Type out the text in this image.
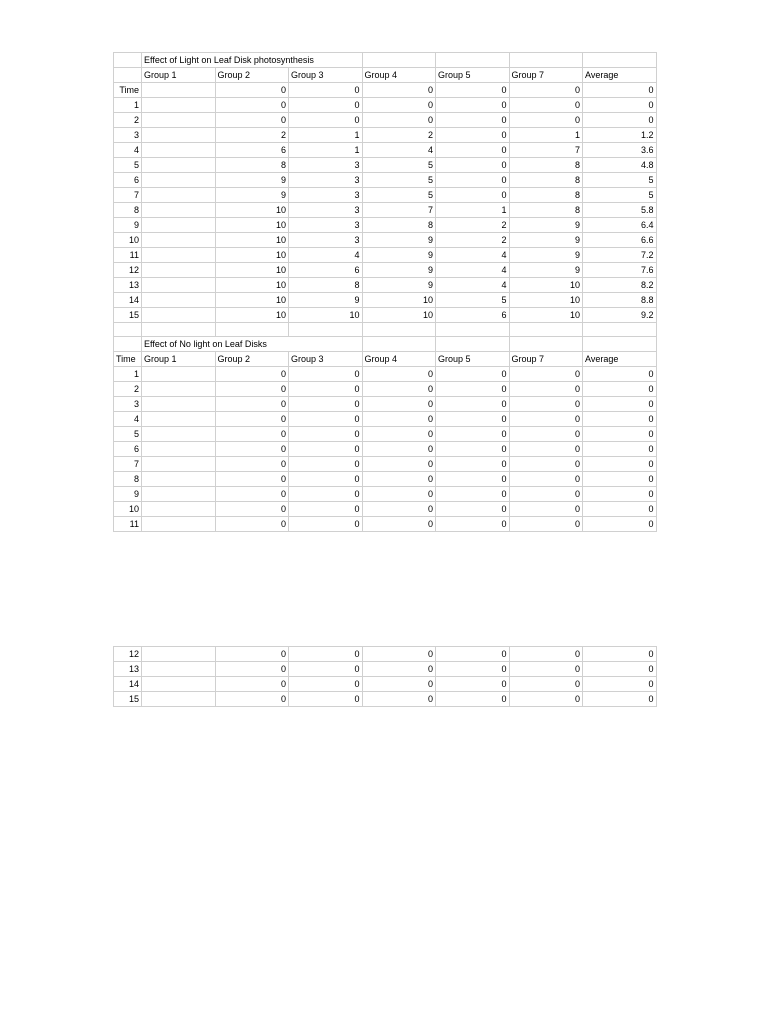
	Effect of Light on Leaf Disk photosynthesis						
	Group 1	Group 2	Group 3	Group 4	Group 5	Group 7	Average
Time		0	0	0	0	0	0
1		0	0	0	0	0	0
2		0	0	0	0	0	0
3		2	1	2	0	1	1.2
4		6	1	4	0	7	3.6
5		8	3	5	0	8	4.8
6		9	3	5	0	8	5
7		9	3	5	0	8	5
8		10	3	7	1	8	5.8
9		10	3	8	2	9	6.4
10		10	3	9	2	9	6.6
11		10	4	9	4	9	7.2
12		10	6	9	4	9	7.6
13		10	8	9	4	10	8.2
14		10	9	10	5	10	8.8
15		10	10	10	6	10	9.2

	Effect of No light on Leaf Disks						
Time	Group 1	Group 2	Group 3	Group 4	Group 5	Group 7	Average
1		0	0	0	0	0	0
2		0	0	0	0	0	0
3		0	0	0	0	0	0
4		0	0	0	0	0	0
5		0	0	0	0	0	0
6		0	0	0	0	0	0
7		0	0	0	0	0	0
8		0	0	0	0	0	0
9		0	0	0	0	0	0
10		0	0	0	0	0	0
11		0	0	0	0	0	0
12		0	0	0	0	0	0
13		0	0	0	0	0	0
14		0	0	0	0	0	0
15		0	0	0	0	0	0
